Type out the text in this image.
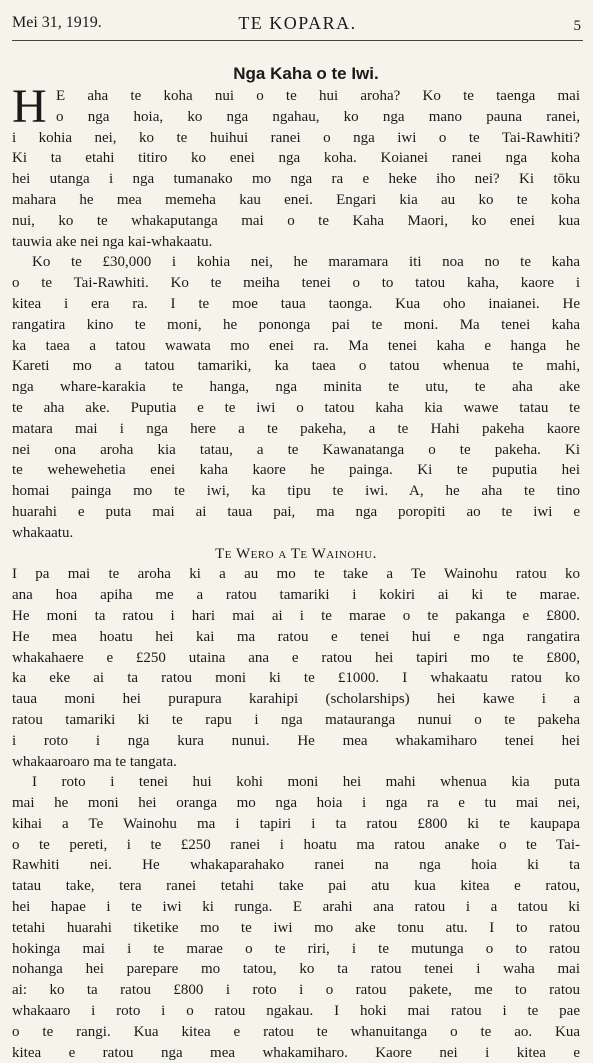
Mei 31, 1919.	TE KOPARA.	5
Nga Kaha o te Iwi.
H E aha te koha nui o te hui aroha? Ko te taenga mai
o nga hoia, ko nga ngahau, ko nga mano pauna ranei,
i kohia nei, ko te huihui ranei o nga iwi o te Tai-Rawhiti?
Ki ta etahi titiro ko enei nga koha. Koianei ranei nga koha
hei utanga i nga tumanako mo nga ra e heke iho nei? Ki tōku
mahara he mea memeha kau enei. Engari kia au ko te koha
nui, ko te whakaputanga mai o te Kaha Maori, ko enei kua
tauwia ake nei nga kai-whakaatu.
Ko te £30,000 i kohia nei, he maramara iti noa no te kaha
o te Tai-Rawhiti. Ko te meiha tenei o to tatou kaha, kaore i
kitea i era ra. I te moe taua taonga. Kua oho inaianei. He
rangatira kino te moni, he pononga pai te moni. Ma tenei kaha
ka taea a tatou wawata mo enei ra. Ma tenei kaha e hanga he
Kareti mo a tatou tamariki, ka taea o tatou whenua te mahi,
nga whare-karakia te hanga, nga minita te utu, te aha ake
te aha ake. Puputia e te iwi o tatou kaha kia wawe tatau te
matara mai i nga here a te pakeha, a te Hahi pakeha kaore
nei ona aroha kia tatau, a te Kawanatanga o te pakeha. Ki
te wehewehetia enei kaha kaore he painga. Ki te puputia hei
homai painga mo te iwi, ka tipu te iwi. A, he aha te tino
huarahi e puta mai ai taua pai, ma nga poropiti ao te iwi e
whakaatu.
Te Wero a Te Wainohu.
I pa mai te aroha ki a au mo te take a Te Wainohu ratou ko
ana hoa apiha me a ratou tamariki i kokiri ai ki te marae.
He moni ta ratou i hari mai ai i te marae o te pakanga e £800.
He mea hoatu hei kai ma ratou e tenei hui e nga rangatira
whakahaere e £250 utaina ana e ratou hei tapiri mo te £800,
ka eke ai ta ratou moni ki te £1000. I whakaatu ratou ko
taua moni hei purapura karahipi (scholarships) hei kawe i a
ratou tamariki ki te rapu i nga matauranga nunui o te pakeha
i roto i nga kura nunui. He mea whakamiharo tenei hei
whakaaroaro ma te tangata.
I roto i tenei hui kohi moni hei mahi whenua kia puta
mai he moni hei oranga mo nga hoia i nga ra e tu mai nei,
kihai a Te Wainohu ma i tapiri i ta ratou £800 ki te kaupapa
o te pereti, i te £250 ranei i hoatu ma ratou anake o te Tai-
Rawhiti nei. He whakaparahako ranei na nga hoia ki ta
tatau take, tera ranei tetahi take pai atu kua kitea e ratou,
hei hapae i te iwi ki runga. E arahi ana ratou i a tatou ki
tetahi huarahi tiketike mo te iwi mo ake tonu atu. I to ratou
hokinga mai i te marae o te riri, i te mutunga o to ratou
nohanga hei parepare mo tatou, ko ta ratou tenei i waha mai
ai: ko ta ratou £800 i roto i o ratou pakete, me to ratou
whakaaro i roto i o ratou ngakau. I hoki mai ratou i te pae
o te rangi. Kua kitea e ratou te whanuitanga o te ao. Kua
kitea e ratou nga mea whakamiharo. Kaore nei i kitea e
